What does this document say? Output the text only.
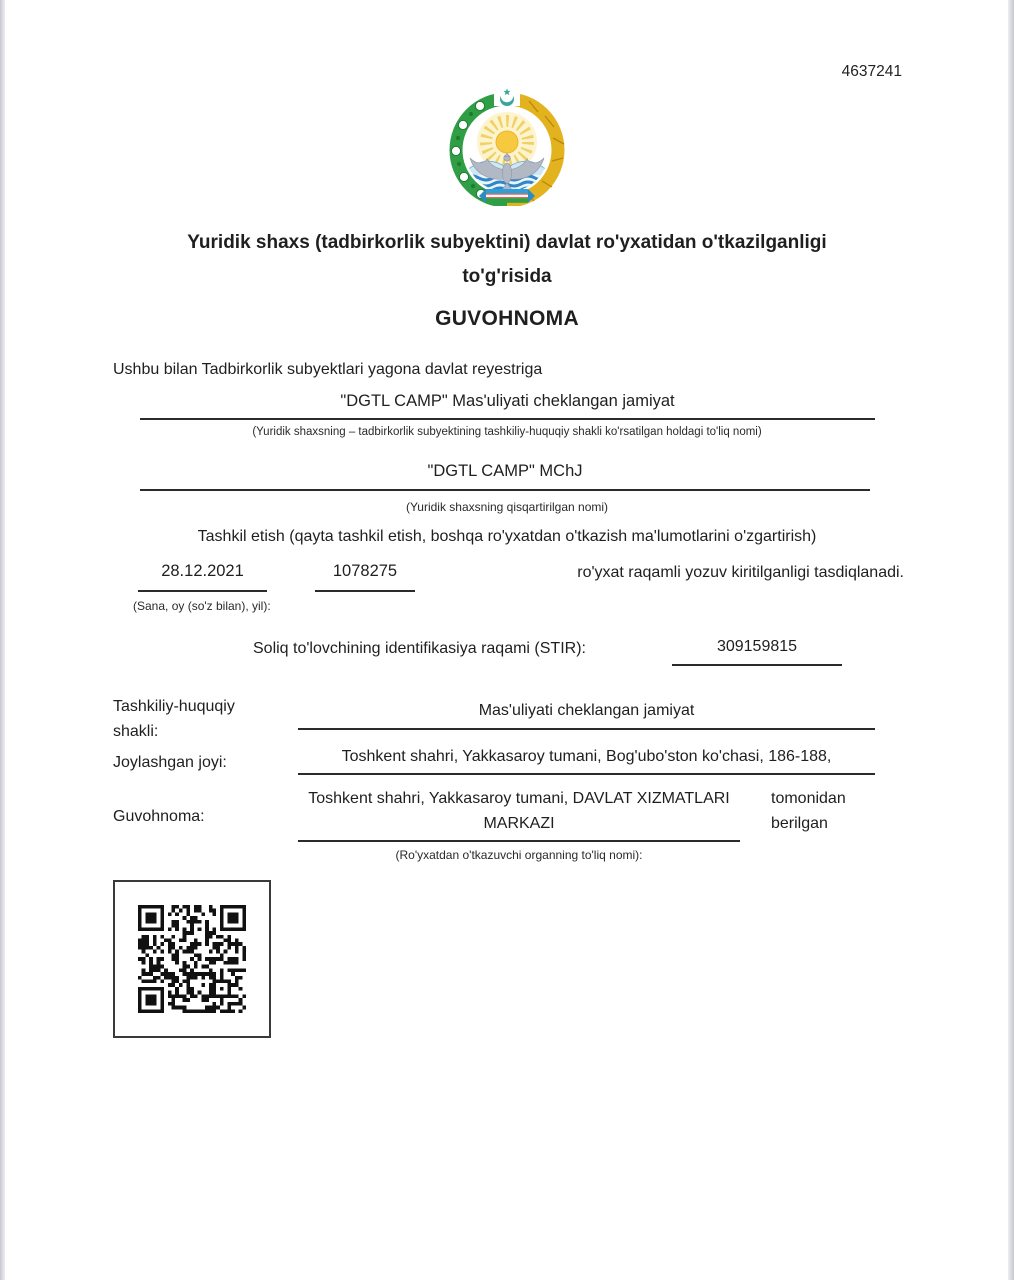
4637241
Yuridik shaxs (tadbirkorlik subyektini) davlat ro'yxatidan o'tkazilganligi
to'g'risida
GUVOHNOMA
Ushbu bilan Tadbirkorlik subyektlari yagona davlat reyestriga
"DGTL CAMP" Mas'uliyati cheklangan jamiyat
(Yuridik shaxsning – tadbirkorlik subyektining tashkiliy-huquqiy shakli ko'rsatilgan holdagi to'liq nomi)
"DGTL CAMP" MChJ
(Yuridik shaxsning qisqartirilgan nomi)
Tashkil etish (qayta tashkil etish, boshqa ro'yxatdan o'tkazish ma'lumotlarini o'zgartirish)
28.12.2021	1078275	ro'yxat raqamli yozuv kiritilganligi tasdiqlanadi.
(Sana, oy (so'z bilan), yil):
Soliq to'lovchining identifikasiya raqami (STIR):	309159815
Tashkiliy-huquqiy shakli:
Mas'uliyati cheklangan jamiyat
Joylashgan joyi:	Toshkent shahri, Yakkasaroy tumani, Bog'ubo'ston ko'chasi, 186-188,
Guvohnoma:
Toshkent shahri, Yakkasaroy tumani, DAVLAT XIZMATLARI
MARKAZI
tomonidan
berilgan
(Ro'yxatdan o'tkazuvchi organning to'liq nomi):
